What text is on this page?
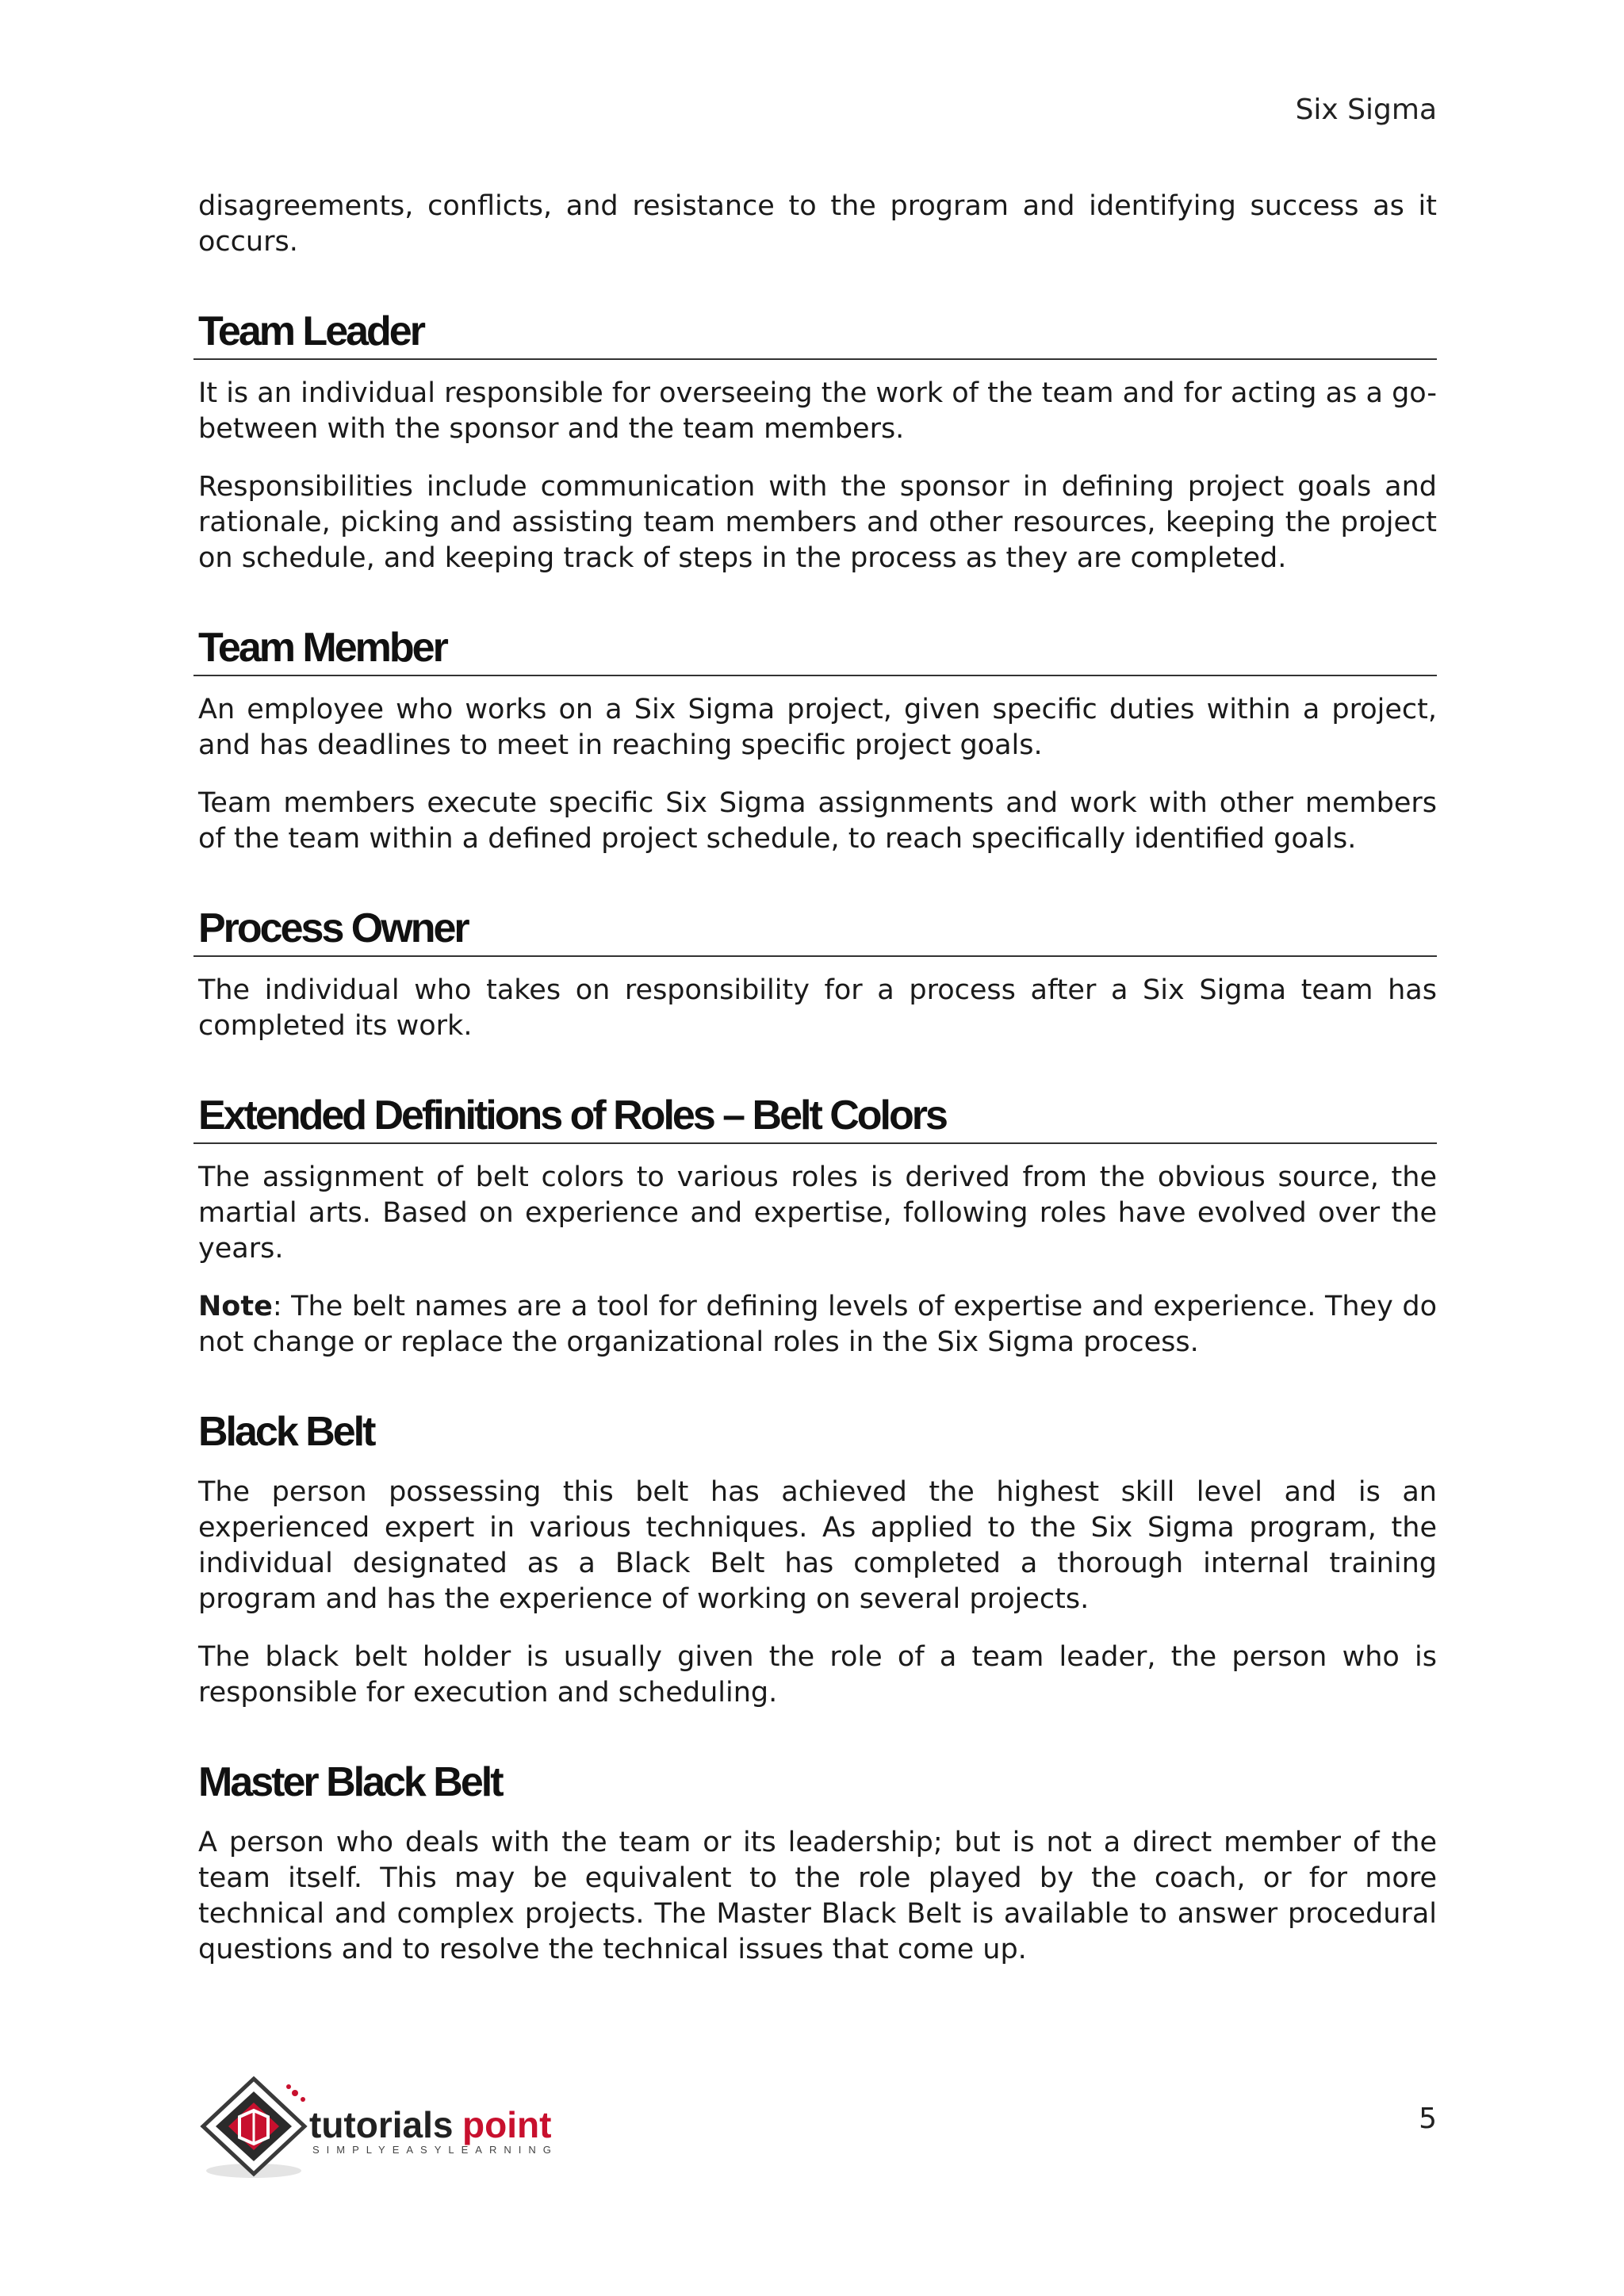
Six Sigma

disagreements, conflicts, and resistance to the program and identifying success as it occurs.

Team Leader

It is an individual responsible for overseeing the work of the team and for acting as a go-between with the sponsor and the team members.

Responsibilities include communication with the sponsor in defining project goals and rationale, picking and assisting team members and other resources, keeping the project on schedule, and keeping track of steps in the process as they are completed.

Team Member

An employee who works on a Six Sigma project, given specific duties within a project, and has deadlines to meet in reaching specific project goals.

Team members execute specific Six Sigma assignments and work with other members of the team within a defined project schedule, to reach specifically identified goals.

Process Owner

The individual who takes on responsibility for a process after a Six Sigma team has completed its work.

Extended Definitions of Roles – Belt Colors

The assignment of belt colors to various roles is derived from the obvious source, the martial arts. Based on experience and expertise, following roles have evolved over the years.

Note: The belt names are a tool for defining levels of expertise and experience. They do not change or replace the organizational roles in the Six Sigma process.

Black Belt

The person possessing this belt has achieved the highest skill level and is an experienced expert in various techniques. As applied to the Six Sigma program, the individual designated as a Black Belt has completed a thorough internal training program and has the experience of working on several projects.

The black belt holder is usually given the role of a team leader, the person who is responsible for execution and scheduling.

Master Black Belt

A person who deals with the team or its leadership; but is not a direct member of the team itself. This may be equivalent to the role played by the coach, or for more technical and complex projects. The Master Black Belt is available to answer procedural questions and to resolve the technical issues that come up.

tutorials point
SIMPLYEASYLEARNING
5
